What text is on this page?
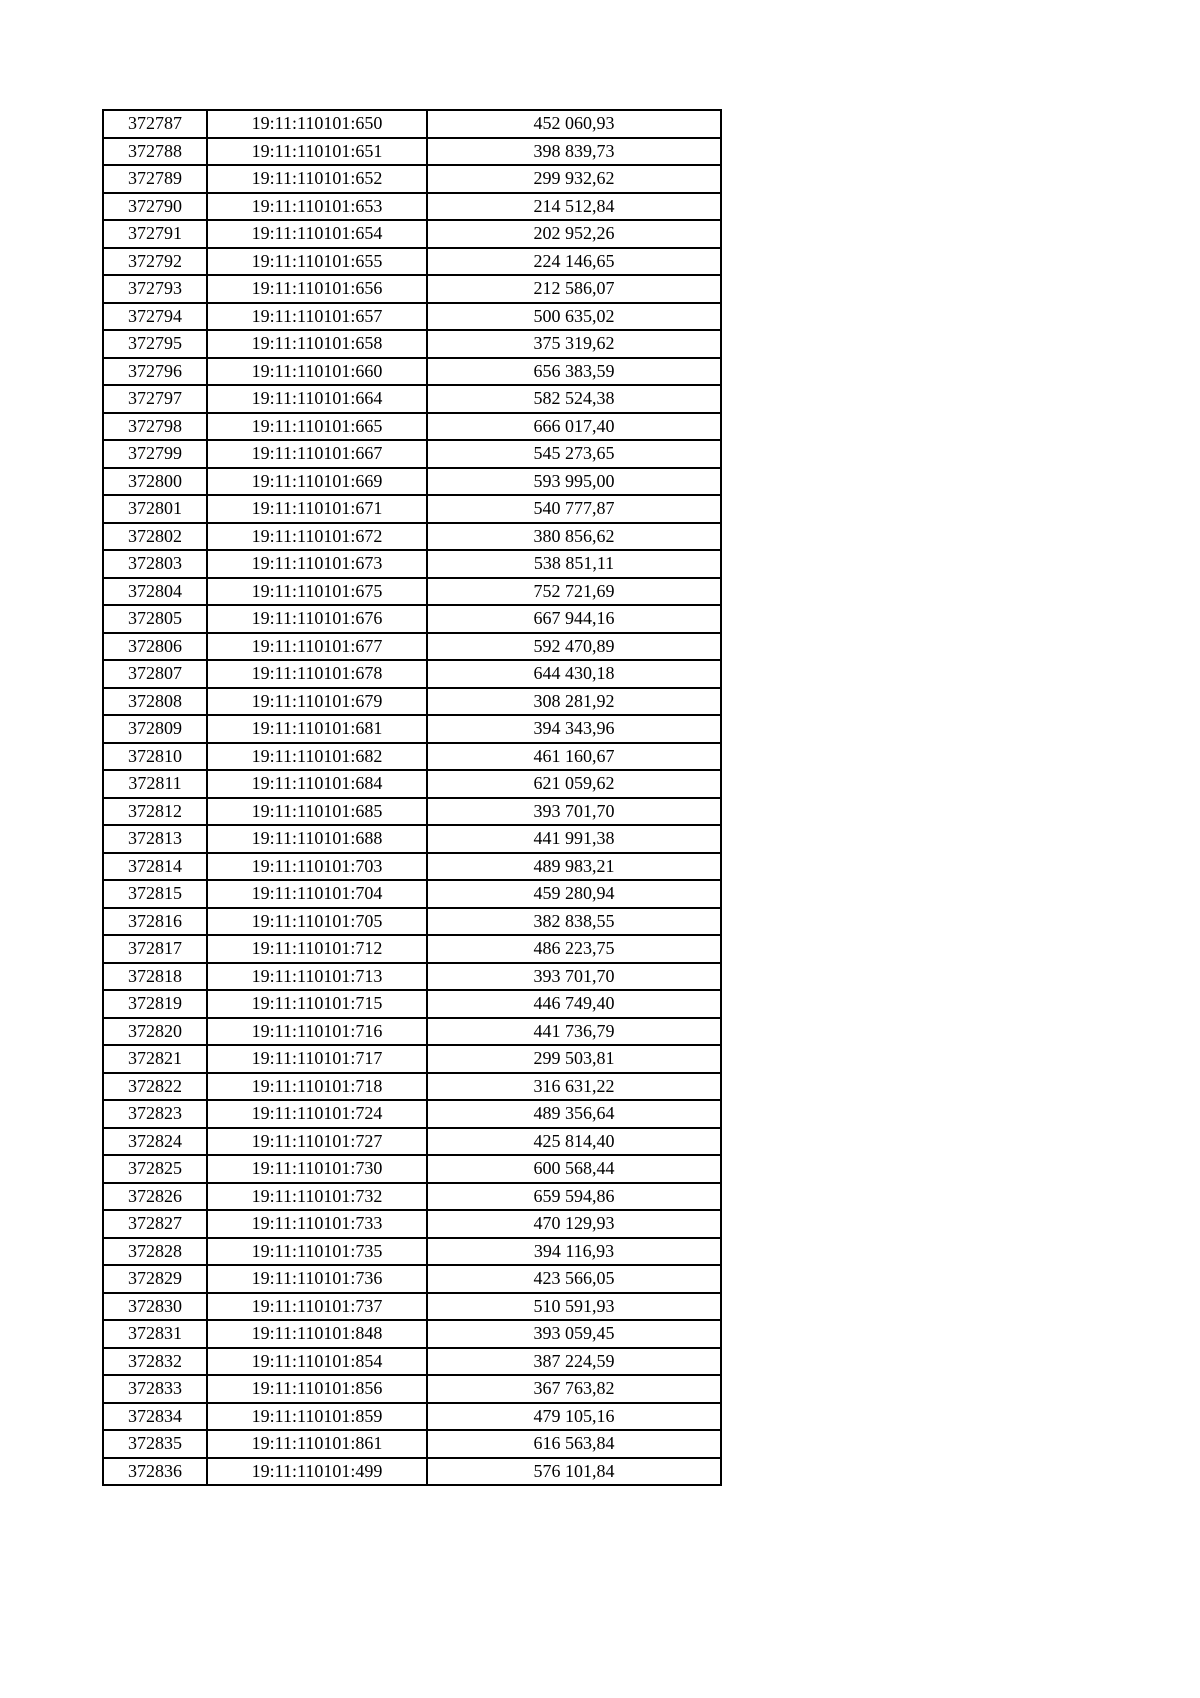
372787	19:11:110101:650	452 060,93
372788	19:11:110101:651	398 839,73
372789	19:11:110101:652	299 932,62
372790	19:11:110101:653	214 512,84
372791	19:11:110101:654	202 952,26
372792	19:11:110101:655	224 146,65
372793	19:11:110101:656	212 586,07
372794	19:11:110101:657	500 635,02
372795	19:11:110101:658	375 319,62
372796	19:11:110101:660	656 383,59
372797	19:11:110101:664	582 524,38
372798	19:11:110101:665	666 017,40
372799	19:11:110101:667	545 273,65
372800	19:11:110101:669	593 995,00
372801	19:11:110101:671	540 777,87
372802	19:11:110101:672	380 856,62
372803	19:11:110101:673	538 851,11
372804	19:11:110101:675	752 721,69
372805	19:11:110101:676	667 944,16
372806	19:11:110101:677	592 470,89
372807	19:11:110101:678	644 430,18
372808	19:11:110101:679	308 281,92
372809	19:11:110101:681	394 343,96
372810	19:11:110101:682	461 160,67
372811	19:11:110101:684	621 059,62
372812	19:11:110101:685	393 701,70
372813	19:11:110101:688	441 991,38
372814	19:11:110101:703	489 983,21
372815	19:11:110101:704	459 280,94
372816	19:11:110101:705	382 838,55
372817	19:11:110101:712	486 223,75
372818	19:11:110101:713	393 701,70
372819	19:11:110101:715	446 749,40
372820	19:11:110101:716	441 736,79
372821	19:11:110101:717	299 503,81
372822	19:11:110101:718	316 631,22
372823	19:11:110101:724	489 356,64
372824	19:11:110101:727	425 814,40
372825	19:11:110101:730	600 568,44
372826	19:11:110101:732	659 594,86
372827	19:11:110101:733	470 129,93
372828	19:11:110101:735	394 116,93
372829	19:11:110101:736	423 566,05
372830	19:11:110101:737	510 591,93
372831	19:11:110101:848	393 059,45
372832	19:11:110101:854	387 224,59
372833	19:11:110101:856	367 763,82
372834	19:11:110101:859	479 105,16
372835	19:11:110101:861	616 563,84
372836	19:11:110101:499	576 101,84
